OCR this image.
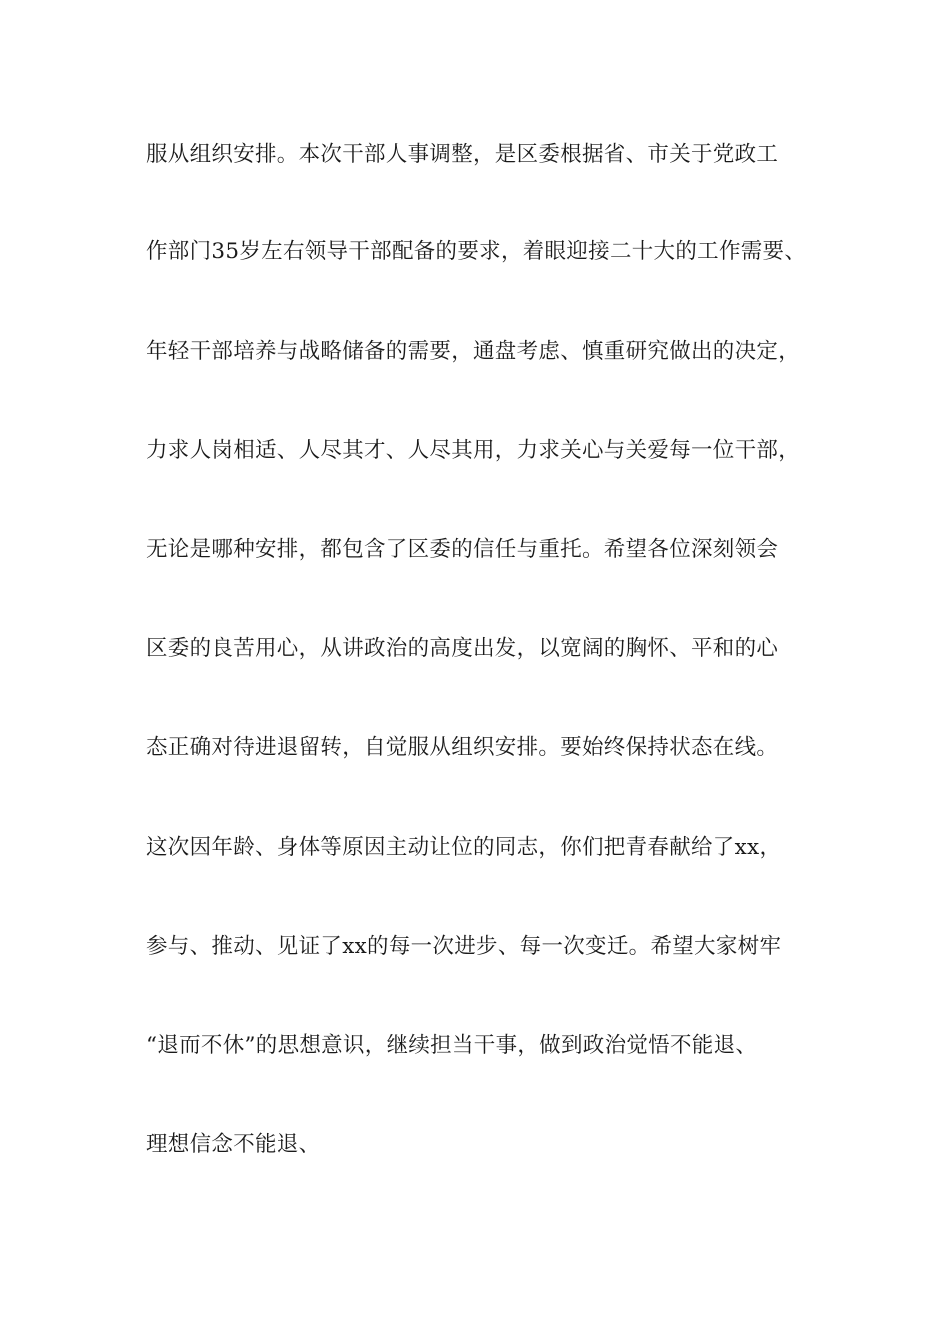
服从组织安排。本次干部人事调整，是区委根据省、市关于党政工
作部门35岁左右领导干部配备的要求，着眼迎接二十大的工作需要、
年轻干部培养与战略储备的需要，通盘考虑、慎重研究做出的决定，
力求人岗相适、人尽其才、人尽其用，力求关心与关爱每一位干部，
无论是哪种安排，都包含了区委的信任与重托。希望各位深刻领会
区委的良苦用心，从讲政治的高度出发，以宽阔的胸怀、平和的心
态正确对待进退留转，自觉服从组织安排。要始终保持状态在线。
这次因年龄、身体等原因主动让位的同志，你们把青春献给了xx，
参与、推动、见证了xx的每一次进步、每一次变迁。希望大家树牢
“退而不休”的思想意识，继续担当干事，做到政治觉悟不能退、
理想信念不能退、
